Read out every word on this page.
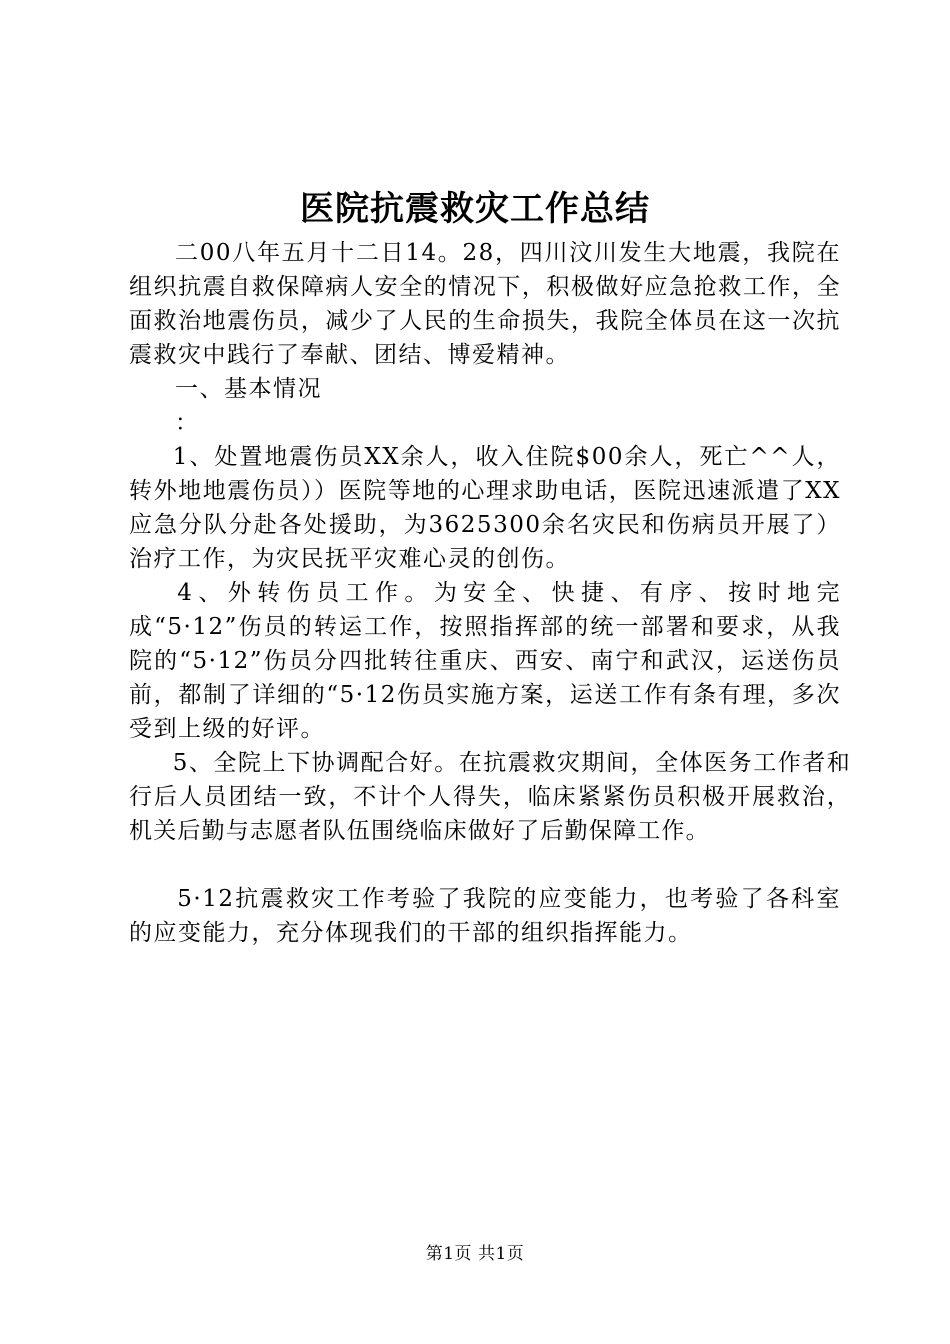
医院抗震救灾工作总结

二00八年五月十二日14。28，四川汶川发生大地震，我院在组织抗震自救保障病人安全的情况下，积极做好应急抢救工作，全面救治地震伤员，减少了人民的生命损失，我院全体员在这一次抗震救灾中践行了奉献、团结、博爱精神。

一、基本情况

：

1、处置地震伤员XX余人，收入住院$00余人，死亡^^人，转外地地震伤员））医院等地的心理求助电话，医院迅速派遣了XX应急分队分赴各处援助，为3625300余名灾民和伤病员开展了）治疗工作，为灾民抚平灾难心灵的创伤。

4、外转伤员工作。为安全、快捷、有序、按时地完成“5·12”伤员的转运工作，按照指挥部的统一部署和要求，从我院的“5·12”伤员分四批转往重庆、西安、南宁和武汉，运送伤员前，都制了详细的“5·12伤员实施方案，运送工作有条有理，多次受到上级的好评。

5、全院上下协调配合好。在抗震救灾期间，全体医务工作者和行后人员团结一致，不计个人得失，临床紧紧伤员积极开展救治，机关后勤与志愿者队伍围绕临床做好了后勤保障工作。

5·12抗震救灾工作考验了我院的应变能力，也考验了各科室的应变能力，充分体现我们的干部的组织指挥能力。

第1页 共1页
